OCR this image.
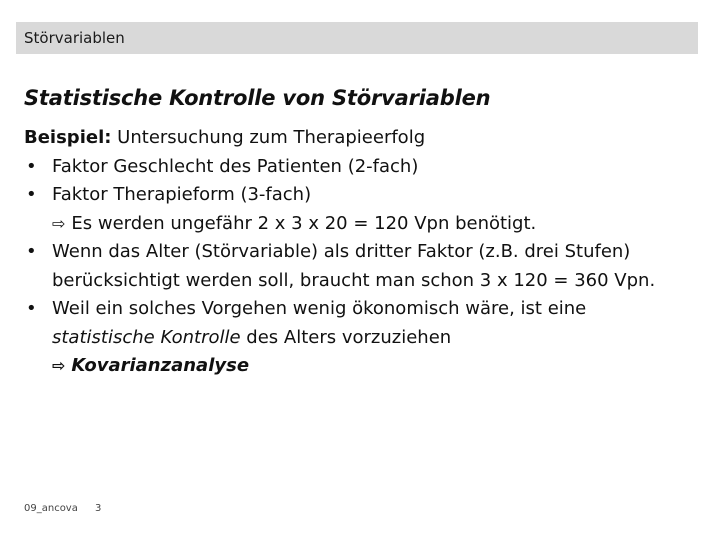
Störvariablen
Statistische Kontrolle von Störvariablen
Beispiel: Untersuchung zum Therapieerfolg
• Faktor Geschlecht des Patienten (2-fach)
• Faktor Therapieform (3-fach)
⇨ Es werden ungefähr 2 x 3 x 20 = 120 Vpn benötigt.
• Wenn das Alter (Störvariable) als dritter Faktor (z.B. drei Stufen)
berücksichtigt werden soll, braucht man schon 3 x 120 = 360 Vpn.
• Weil ein solches Vorgehen wenig ökonomisch wäre, ist eine
statistische Kontrolle des Alters vorzuziehen
⇨ Kovarianzanalyse
09_ancova 3
